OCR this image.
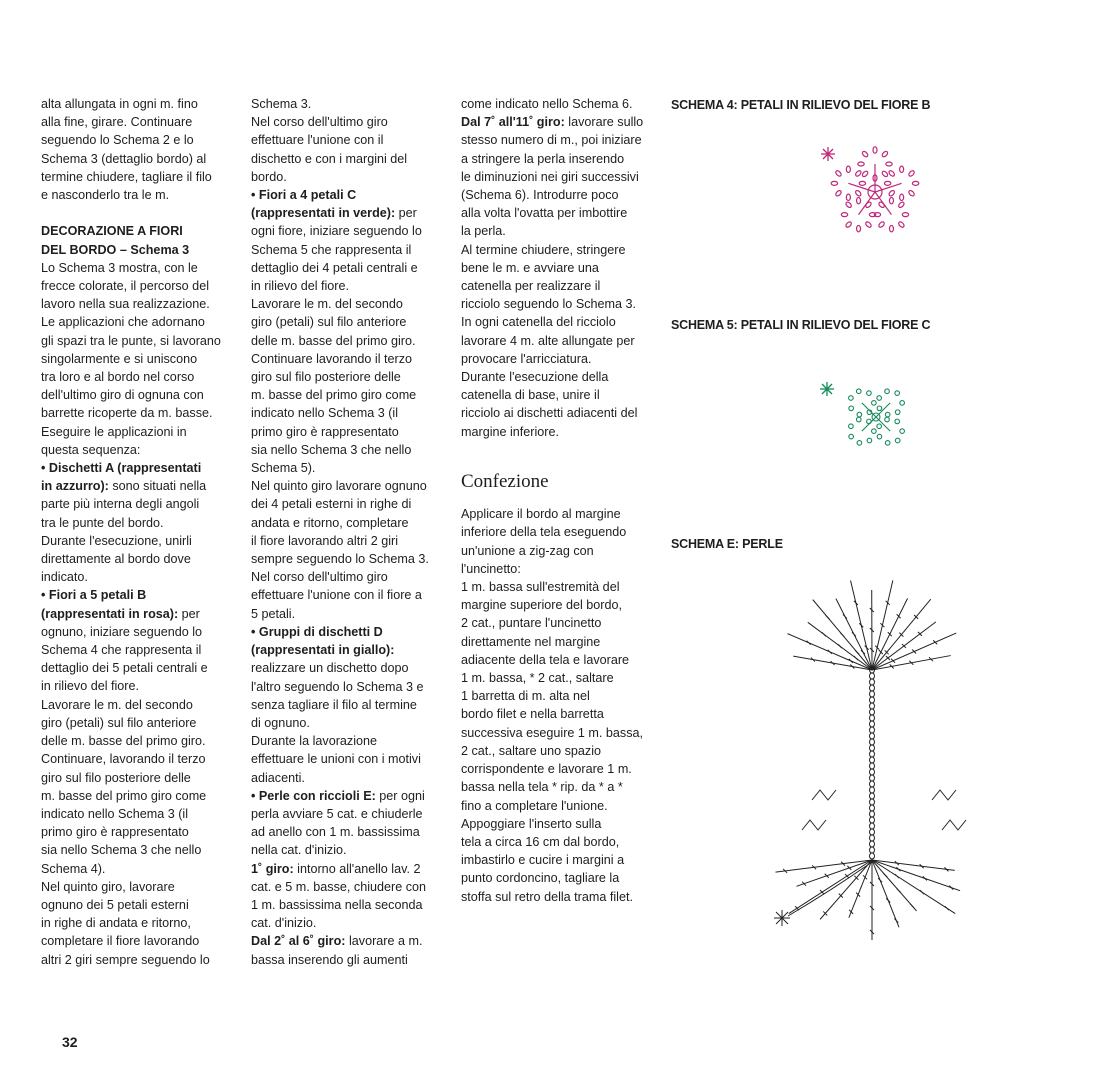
alta allungata in ogni m. fino

alla fine, girare. Continuare

seguendo lo Schema 2 e lo

Schema 3 (dettaglio bordo) al

termine chiudere, tagliare il filo

e nasconderlo tra le m.

DECORAZIONE A FIORI

DEL BORDO – Schema 3

Lo Schema 3 mostra, con le

frecce colorate, il percorso del

lavoro nella sua realizzazione.

Le applicazioni che adornano

gli spazi tra le punte, si lavorano

singolarmente e si uniscono

tra loro e al bordo nel corso

dell'ultimo giro di ognuna con

barrette ricoperte da m. basse.

Eseguire le applicazioni in

questa sequenza:

• Dischetti A (rappresentati

in azzurro): sono situati nella

parte più interna degli angoli

tra le punte del bordo.

Durante l'esecuzione, unirli

direttamente al bordo dove

indicato.

• Fiori a 5 petali B

(rappresentati in rosa): per

ognuno, iniziare seguendo lo

Schema 4 che rappresenta il

dettaglio dei 5 petali centrali e

in rilievo del fiore.

Lavorare le m. del secondo

giro (petali) sul filo anteriore

delle m. basse del primo giro.

Continuare, lavorando il terzo

giro sul filo posteriore delle

m. basse del primo giro come

indicato nello Schema 3 (il

primo giro è rappresentato

sia nello Schema 3 che nello

Schema 4).

Nel quinto giro, lavorare

ognuno dei 5 petali esterni

in righe di andata e ritorno,

completare il fiore lavorando

altri 2 giri sempre seguendo lo

Schema 3.

Nel corso dell'ultimo giro

effettuare l'unione con il

dischetto e con i margini del

bordo.

• Fiori a 4 petali C

(rappresentati in verde): per

ogni fiore, iniziare seguendo lo

Schema 5 che rappresenta il

dettaglio dei 4 petali centrali e

in rilievo del fiore.

Lavorare le m. del secondo

giro (petali) sul filo anteriore

delle m. basse del primo giro.

Continuare lavorando il terzo

giro sul filo posteriore delle

m. basse del primo giro come

indicato nello Schema 3 (il

primo giro è rappresentato

sia nello Schema 3 che nello

Schema 5).

Nel quinto giro lavorare ognuno

dei 4 petali esterni in righe di

andata e ritorno, completare

il fiore lavorando altri 2 giri

sempre seguendo lo Schema 3.

Nel corso dell'ultimo giro

effettuare l'unione con il fiore a

5 petali.

• Gruppi di dischetti D

(rappresentati in giallo):

realizzare un dischetto dopo

l'altro seguendo lo Schema 3 e

senza tagliare il filo al termine

di ognuno.

Durante la lavorazione

effettuare le unioni con i motivi

adiacenti.

• Perle con riccioli E: per ogni

perla avviare 5 cat. e chiuderle

ad anello con 1 m. bassissima

nella cat. d'inizio.

1˚ giro: intorno all'anello lav. 2

cat. e 5 m. basse, chiudere con

1 m. bassissima nella seconda

cat. d'inizio.

Dal 2˚ al 6˚ giro: lavorare a m.

bassa inserendo gli aumenti

come indicato nello Schema 6.

Dal 7˚ all'11˚ giro: lavorare sullo

stesso numero di m., poi iniziare

a stringere la perla inserendo

le diminuzioni nei giri successivi

(Schema 6). Introdurre poco

alla volta l'ovatta per imbottire

la perla.

Al termine chiudere, stringere

bene le m. e avviare una

catenella per realizzare il

ricciolo seguendo lo Schema 3.

In ogni catenella del ricciolo

lavorare 4 m. alte allungate per

provocare l'arricciatura.

Durante l'esecuzione della

catenella di base, unire il

ricciolo ai dischetti adiacenti del

margine inferiore.

Confezione

Applicare il bordo al margine

inferiore della tela eseguendo

un'unione a zig-zag con

l'uncinetto:

1 m. bassa sull'estremità del

margine superiore del bordo,

2 cat., puntare l'uncinetto

direttamente nel margine

adiacente della tela e lavorare

1 m. bassa, * 2 cat., saltare

1 barretta di m. alta nel

bordo filet e nella barretta

successiva eseguire 1 m. bassa,

2 cat., saltare uno spazio

corrispondente e lavorare 1 m.

bassa nella tela * rip. da * a *

fino a completare l'unione.

Appoggiare l'inserto sulla

tela a circa 16 cm dal bordo,

imbastirlo e cucire i margini a

punto cordoncino, tagliare la

stoffa sul retro della trama filet.

SCHEMA 4: PETALI IN RILIEVO DEL FIORE B
SCHEMA 5: PETALI IN RILIEVO DEL FIORE C
SCHEMA E: PERLE
32
